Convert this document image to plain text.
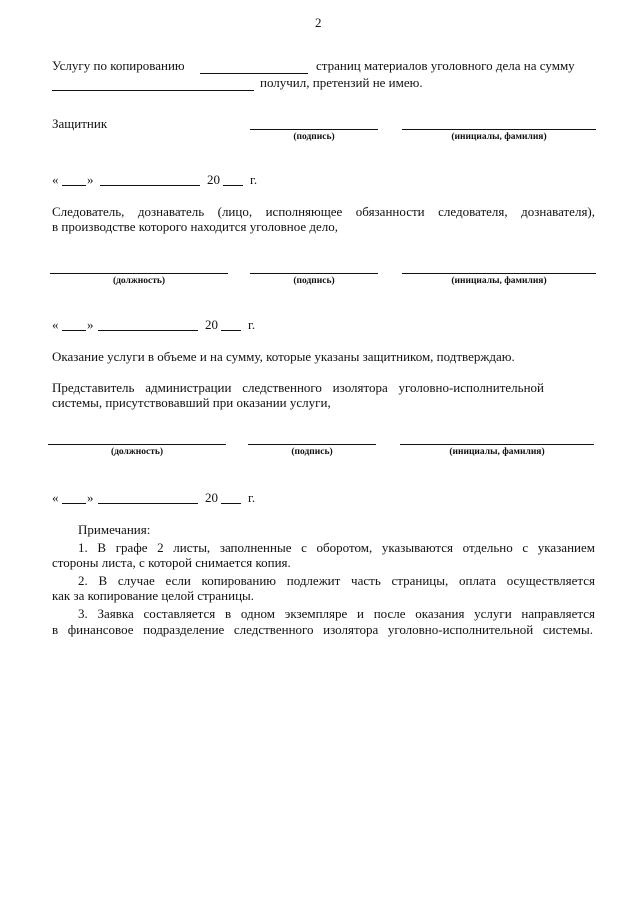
2
Услугу по копированию	страниц материалов уголовного дела на сумму
получил, претензий не имею.
Защитник
(подпись)	(инициалы, фамилия)
« »	20 г.
Следователь, дознаватель (лицо, исполняющее обязанности следователя, дознавателя),
в производстве которого находится уголовное дело,
(должность)	(подпись)	(инициалы, фамилия)
« »	20 г.
Оказание услуги в объеме и на сумму, которые указаны защитником, подтверждаю.
Представитель администрации следственного изолятора уголовно-исполнительной
системы, присутствовавший при оказании услуги,
(должность)	(подпись)	(инициалы, фамилия)
« »	20 г.
Примечания:
1. В графе 2 листы, заполненные с оборотом, указываются отдельно с указанием
стороны листа, с которой снимается копия.
2. В случае если копированию подлежит часть страницы, оплата осуществляется
как за копирование целой страницы.
3. Заявка составляется в одном экземпляре и после оказания услуги направляется
в финансовое подразделение следственного изолятора уголовно-исполнительной системы.
